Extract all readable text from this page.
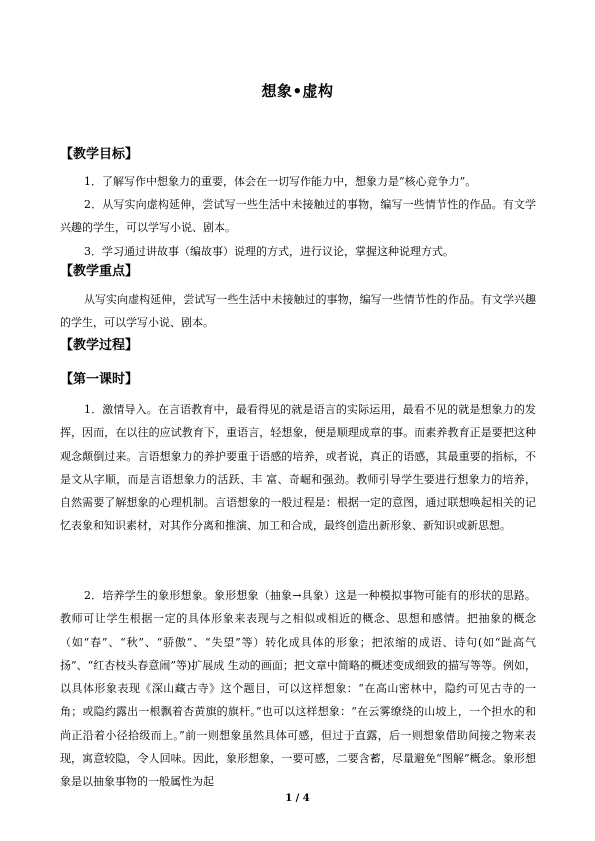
想象•虚构
【教学目标】

1．了解写作中想象力的重要，体会在一切写作能力中，想象力是“核心竞争力”。

2．从写实向虚构延伸，尝试写一些生活中未接触过的事物，编写一些情节性的作品。有文学兴趣的学生，可以学写小说、剧本。

3．学习通过讲故事（编故事）说理的方式，进行议论，掌握这种说理方式。

【教学重点】

从写实向虚构延伸，尝试写一些生活中未接触过的事物，编写一些情节性的作品。有文学兴趣的学生，可以学写小说、剧本。

【教学过程】
【第一课时】

1．激情导入。在言语教育中，最看得见的就是语言的实际运用，最看不见的就是想象力的发挥，因而，在以往的应试教育下，重语言，轻想象，便是顺理成章的事。而素养教育正是要把这种观念颠倒过来。言语想象力的养护要重于语感的培养，或者说，真正的语感，其最重要的指标，不是文从字顺，而是言语想象力的活跃、丰 富、奇崛和强劲。教师引导学生要进行想象力的培养，自然需要了解想象的心理机制。言语想象的一般过程是：根据一定的意图，通过联想唤起相关的记忆表象和知识素材，对其作分离和推演、加工和合成，最终创造出新形象、新知识或新思想。

2．培养学生的象形想象。象形想象（抽象→具象）这是一种模拟事物可能有的形状的思路。教师可让学生根据一定的具体形象来表现与之相似或相近的概念、思想和感情。把抽象的概念（如“春”、“秋”、“骄傲”、“失望”等）转化成具体的形象；把浓缩的成语、诗句(如“趾高气扬”、“红杏枝头春意闹”等)扩展成 生动的画面；把文章中简略的概述变成细致的描写等等。例如，以具体形象表现《深山藏古寺》这个题目，可以这样想象：“在高山密林中，隐约可见古寺的一角；或隐约露出一根飘着杏黄旗的旗杆。”也可以这样想象：“在云雾缭绕的山坡上，一个担水的和尚正沿着小径拾级而上。”前一则想象虽然具体可感，但过于直露，后一则想象借助间接之物来表现，寓意较隐，令人回味。因此，象形想象，一要可感，二要含蓄，尽量避免“图解”概念。象形想象是以抽象事物的一般属性为起

1 / 4
